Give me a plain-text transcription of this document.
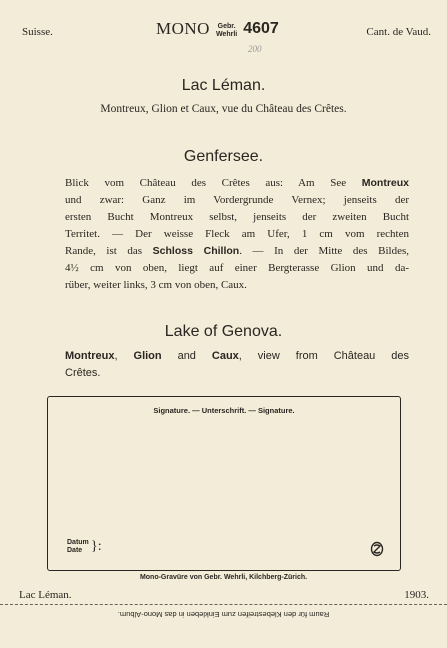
Suisse.	MONO Gebr.
Wehrli 4607	Cant. de Vaud.
200
Lac Léman.
Montreux, Glion et Caux, vue du Château des Crêtes.
Genfersee.
Blick vom Château des Crêtes aus: Am See Montreux
und zwar: Ganz im Vordergrunde Vernex; jenseits der
ersten Bucht Montreux selbst, jenseits der zweiten Bucht
Territet. — Der weisse Fleck am Ufer, 1 cm vom rechten
Rande, ist das Schloss Chillon. — In der Mitte des Bildes,
4½ cm von oben, liegt auf einer Bergterasse Glion und da-
rüber, weiter links, 3 cm von oben, Caux.
Lake of Genova.
Montreux, Glion and Caux, view from Château des
Crêtes.
Signature. — Unterschrift. — Signature.
Datum
Date }:
Mono-Gravüre von Gebr. Wehrli, Kilchberg-Zürich.
Lac Léman.	1903.
Raum für den Klebestreifen zum Einkleben in das Mono-Album.
